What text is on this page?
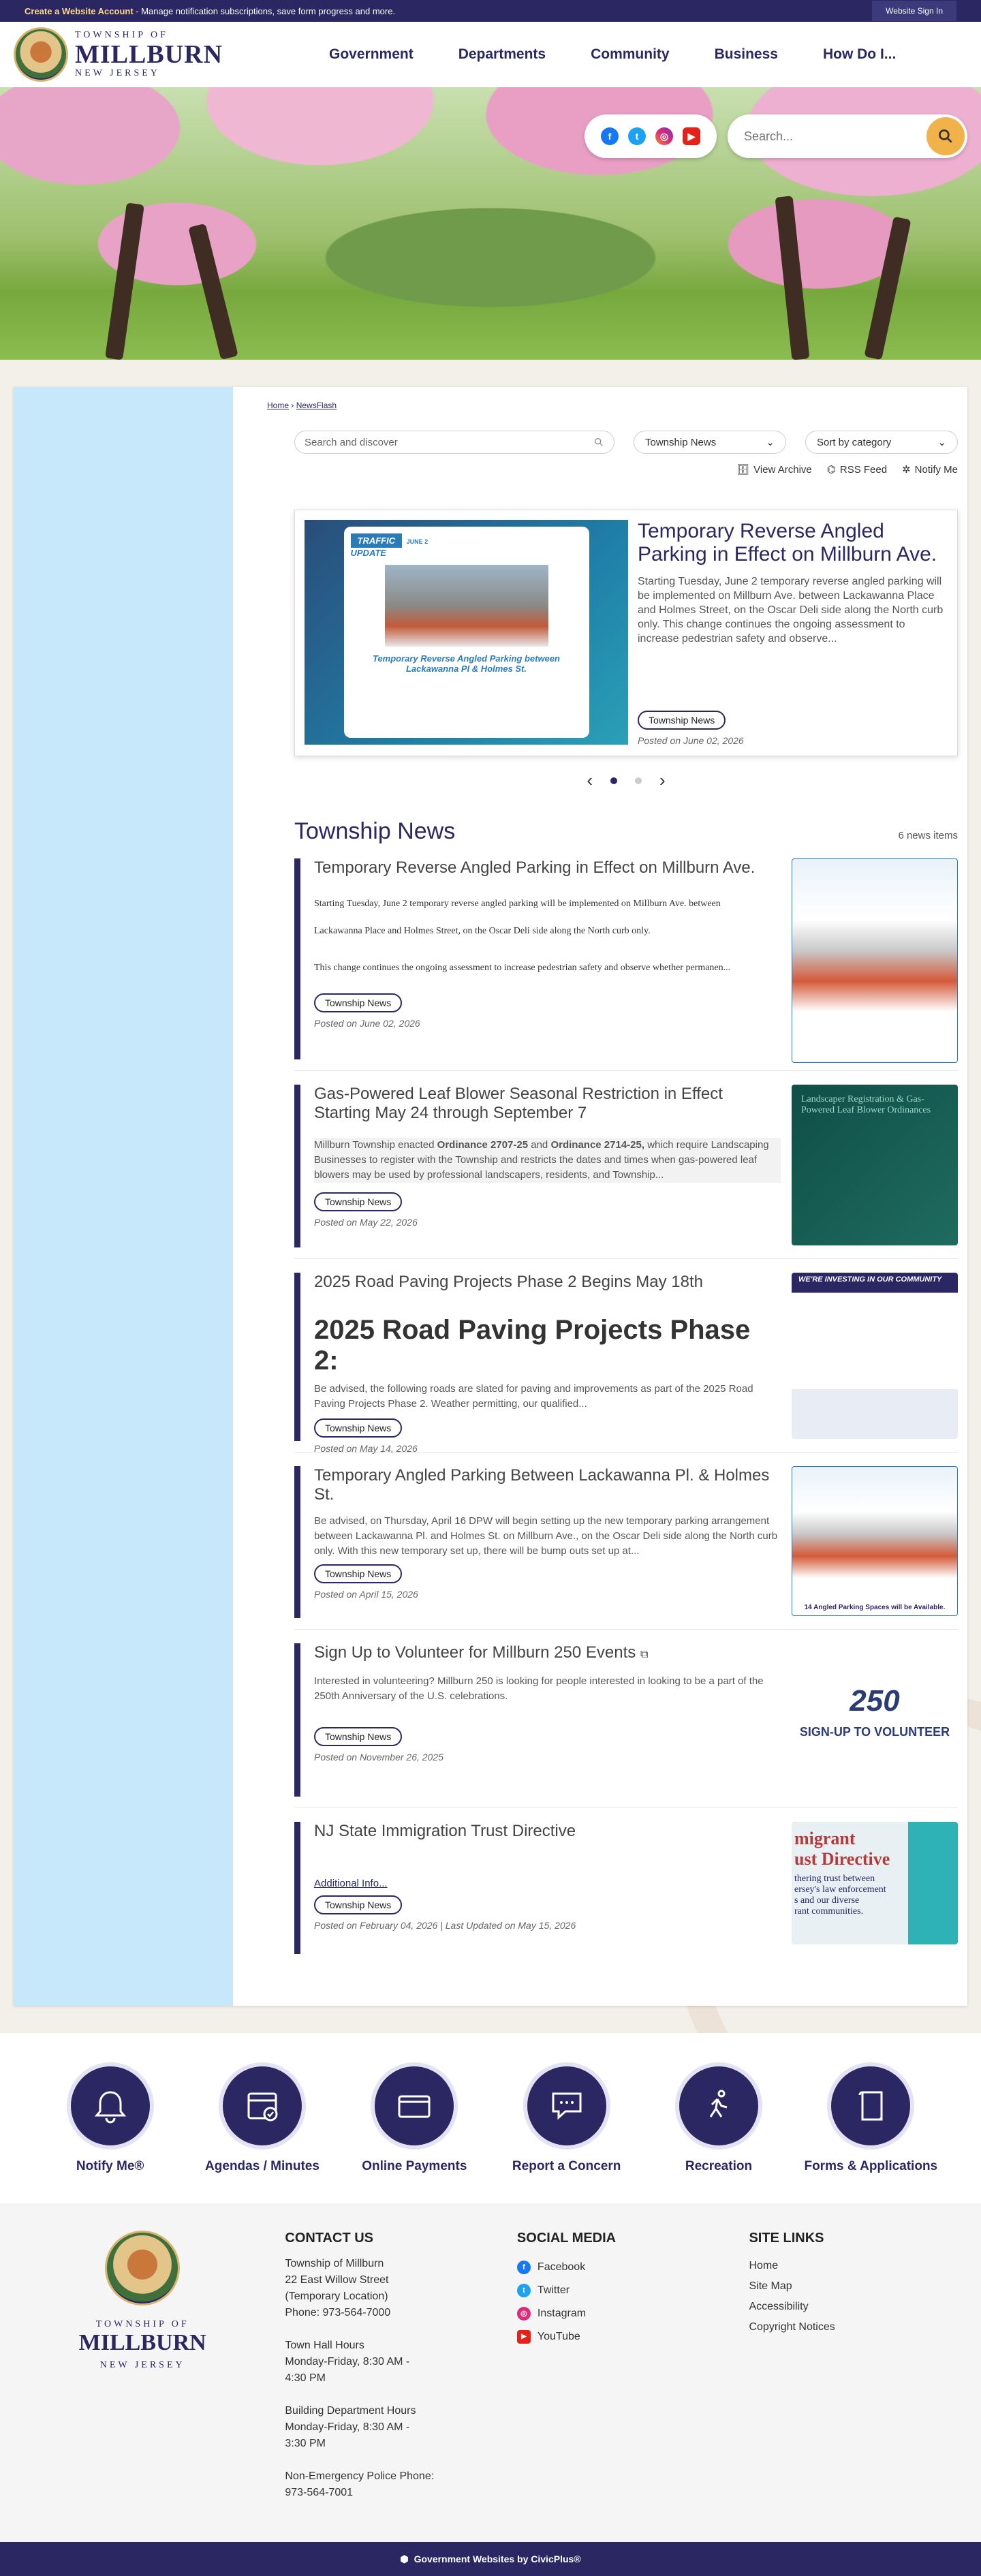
Create a Website Account - Manage notification subscriptions, save form progress and more.	Website Sign In
TOWNSHIP OF
MILLBURN
NEW JERSEY
Government	Departments	Community	Business	How Do I...
f	t	◎	▶
Search...
Home › NewsFlash
Search and discover	Township News	⌄	Sort by category	⌄
🗄 View Archive ⌬ RSS Feed ✲ Notify Me
TRAFFIC JUNE 2
UPDATE
Temporary Reverse Angled Parking between Lackawanna Pl & Holmes St.
Temporary Reverse Angled Parking in Effect on Millburn Ave.
Starting Tuesday, June 2 temporary reverse angled parking will be implemented on Millburn Ave. between Lackawanna Place and Holmes Street, on the Oscar Deli side along the North curb only. This change continues the ongoing assessment to increase pedestrian safety and observe...
Township News
Posted on June 02, 2026
‹	›
Township News	6 news items
Temporary Reverse Angled Parking in Effect on Millburn Ave.
Starting Tuesday, June 2 temporary reverse angled parking will be implemented on Millburn Ave. between
Lackawanna Place and Holmes Street, on the Oscar Deli side along the North curb only.
This change continues the ongoing assessment to increase pedestrian safety and observe whether permanen...
Township News
Posted on June 02, 2026
Gas-Powered Leaf Blower Seasonal Restriction in Effect Starting May 24 through September 7
Millburn Township enacted Ordinance 2707-25 and Ordinance 2714-25, which require Landscaping Businesses to register with the Township and restricts the dates and times when gas-powered leaf blowers may be used by professional landscapers, residents, and Township...
Township News
Posted on May 22, 2026
Landscaper Registration & Gas-Powered Leaf Blower Ordinances
2025 Road Paving Projects Phase 2 Begins May 18th
2025 Road Paving Projects Phase 2:
Be advised, the following roads are slated for paving and improvements as part of the 2025 Road Paving Projects Phase 2. Weather permitting, our qualified...
Township News
Posted on May 14, 2026
WE'RE INVESTING IN OUR COMMUNITY
Temporary Angled Parking Between Lackawanna Pl. & Holmes St.
Be advised, on Thursday, April 16 DPW will begin setting up the new temporary parking arrangement between Lackawanna Pl. and Holmes St. on Millburn Ave., on the Oscar Deli side along the North curb only. With this new temporary set up, there will be bump outs set up at...
Township News
Posted on April 15, 2026
14 Angled Parking Spaces will be Available.
Sign Up to Volunteer for Millburn 250 Events ⧉
Interested in volunteering? Millburn 250 is looking for people interested in looking to be a part of the 250th Anniversary of the U.S. celebrations.
Township News
Posted on November 26, 2025
250
SIGN-UP TO VOLUNTEER
NJ State Immigration Trust Directive
Additional Info...
Township News
Posted on February 04, 2026 | Last Updated on May 15, 2026
migrant
ust Directive
thering trust between
ersey's law enforcement
s and our diverse
rant communities.
Notify Me®	Agendas / Minutes	Online Payments	Report a Concern	Recreation	Forms & Applications
TOWNSHIP OF
MILLBURN
NEW JERSEY
CONTACT US

Township of Millburn

22 East Willow Street

(Temporary Location)

Phone: 973-564-7000

Town Hall Hours

Monday-Friday, 8:30 AM - 4:30 PM

Building Department Hours

Monday-Friday, 8:30 AM - 3:30 PM

Non-Emergency Police Phone:

973-564-7001

SOCIAL MEDIA
f	Facebook
t	Twitter
◎ Instagram
▶	YouTube
SITE LINKS
Home
Site Map
Accessibility
Copyright Notices
⬢ Government Websites by CivicPlus®
